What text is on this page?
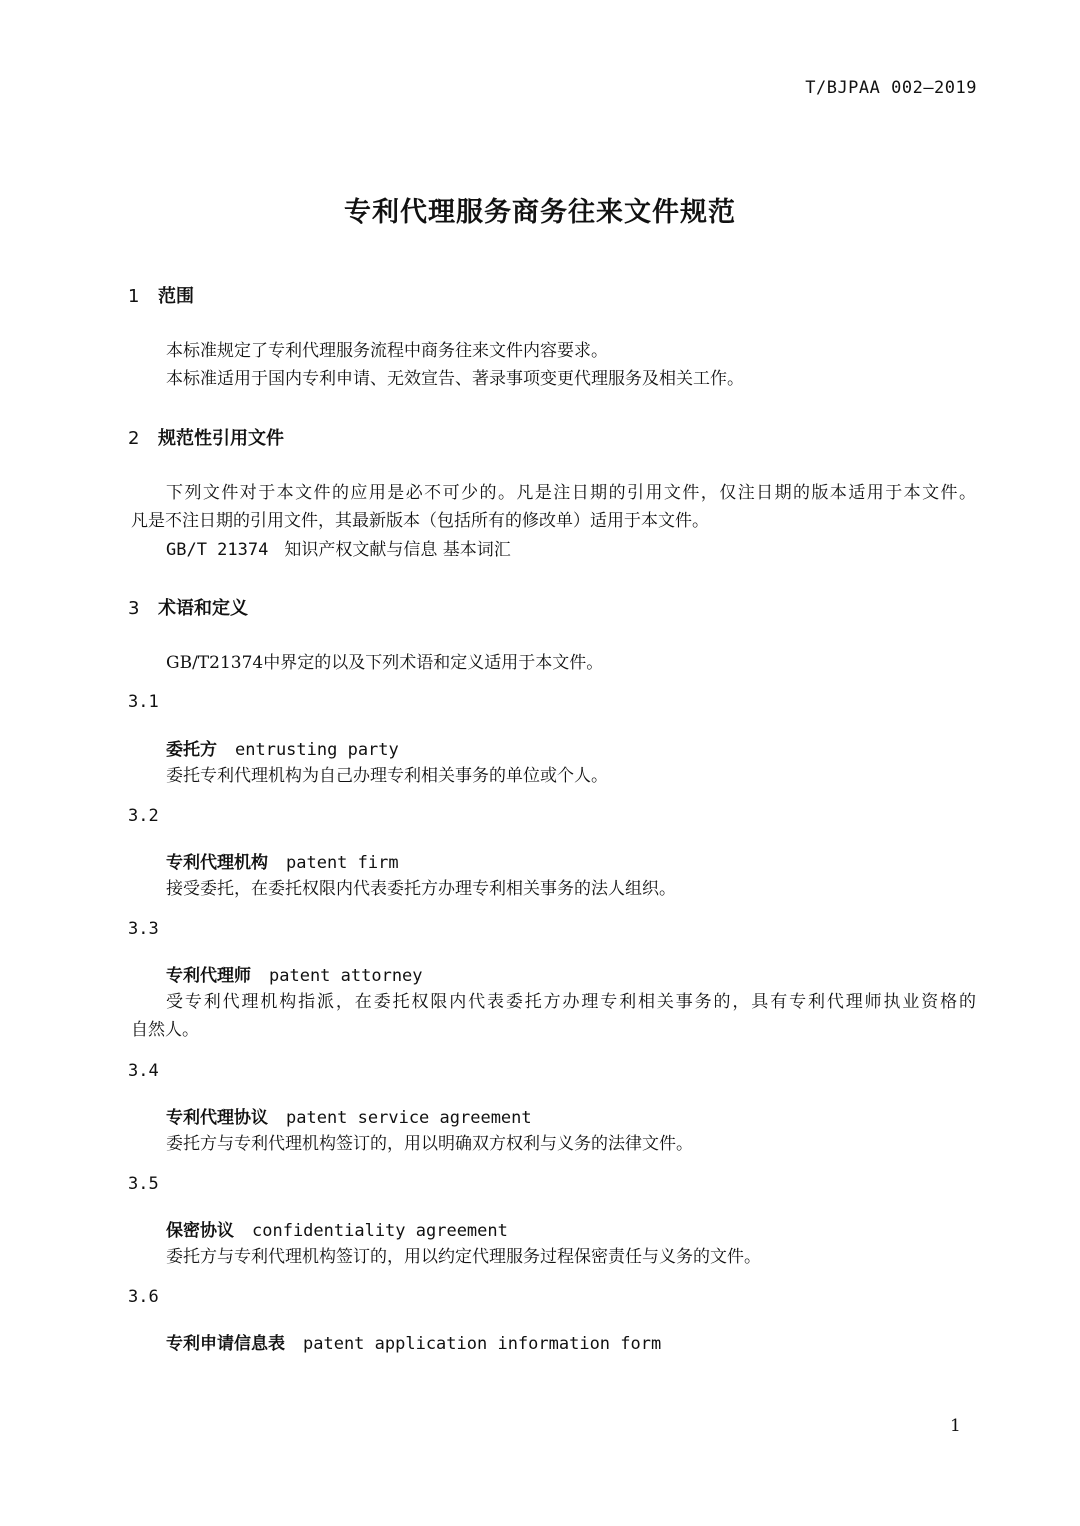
T/BJPAA 002—2019
专利代理服务商务往来文件规范
1 范围
本标准规定了专利代理服务流程中商务往来文件内容要求。
本标准适用于国内专利申请、无效宣告、著录事项变更代理服务及相关工作。
2 规范性引用文件
下列文件对于本文件的应用是必不可少的。凡是注日期的引用文件，仅注日期的版本适用于本文件。
凡是不注日期的引用文件，其最新版本（包括所有的修改单）适用于本文件。
GB/T 21374 知识产权文献与信息 基本词汇
3 术语和定义
GB/T21374中界定的以及下列术语和定义适用于本文件。
3.1
委托方 entrusting party
委托专利代理机构为自己办理专利相关事务的单位或个人。
3.2
专利代理机构 patent firm
接受委托，在委托权限内代表委托方办理专利相关事务的法人组织。
3.3
专利代理师 patent attorney
受专利代理机构指派，在委托权限内代表委托方办理专利相关事务的，具有专利代理师执业资格的
自然人。
3.4
专利代理协议 patent service agreement
委托方与专利代理机构签订的，用以明确双方权利与义务的法律文件。
3.5
保密协议 confidentiality agreement
委托方与专利代理机构签订的，用以约定代理服务过程保密责任与义务的文件。
3.6
专利申请信息表 patent application information form
1
